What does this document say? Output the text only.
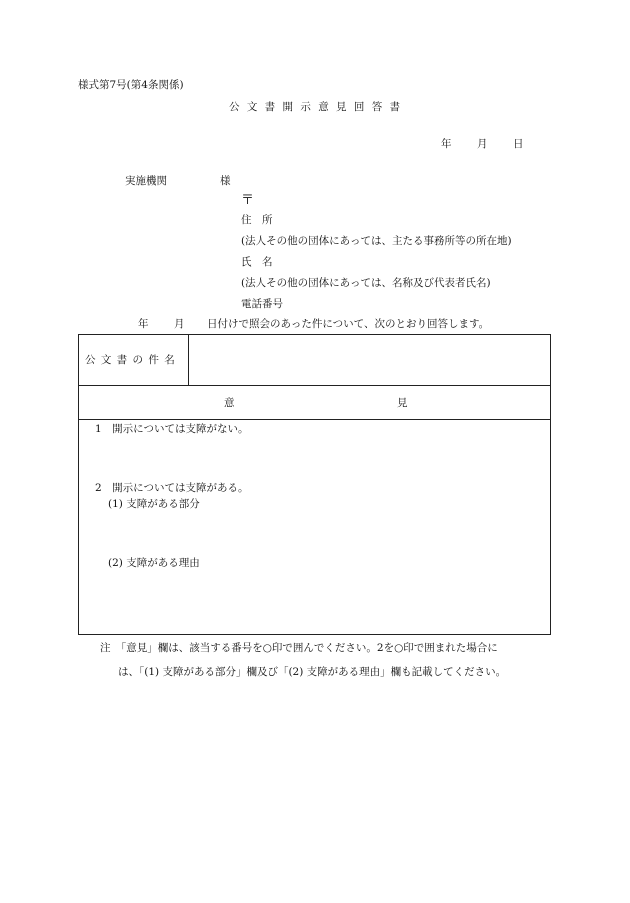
様式第7号(第4条関係)
公 文 書 開 示 意 見 回 答 書
年 月 日
実施機関	様
〒
住　所
(法人その他の団体にあっては、主たる事務所等の所在地)
氏　名
(法人その他の団体にあっては、名称及び代表者氏名)
電話番号
年 月 日付けで照会のあった件について、次のとおり回答します。
公 文 書 の 件 名
意	見
1　開示については支障がない。
2　開示については支障がある。
(1) 支障がある部分
(2) 支障がある理由
注　「意見」欄は、該当する番号を○印で囲んでください。2を○印で囲まれた場合に
は、「(1) 支障がある部分」欄及び「(2) 支障がある理由」欄も記載してください。
